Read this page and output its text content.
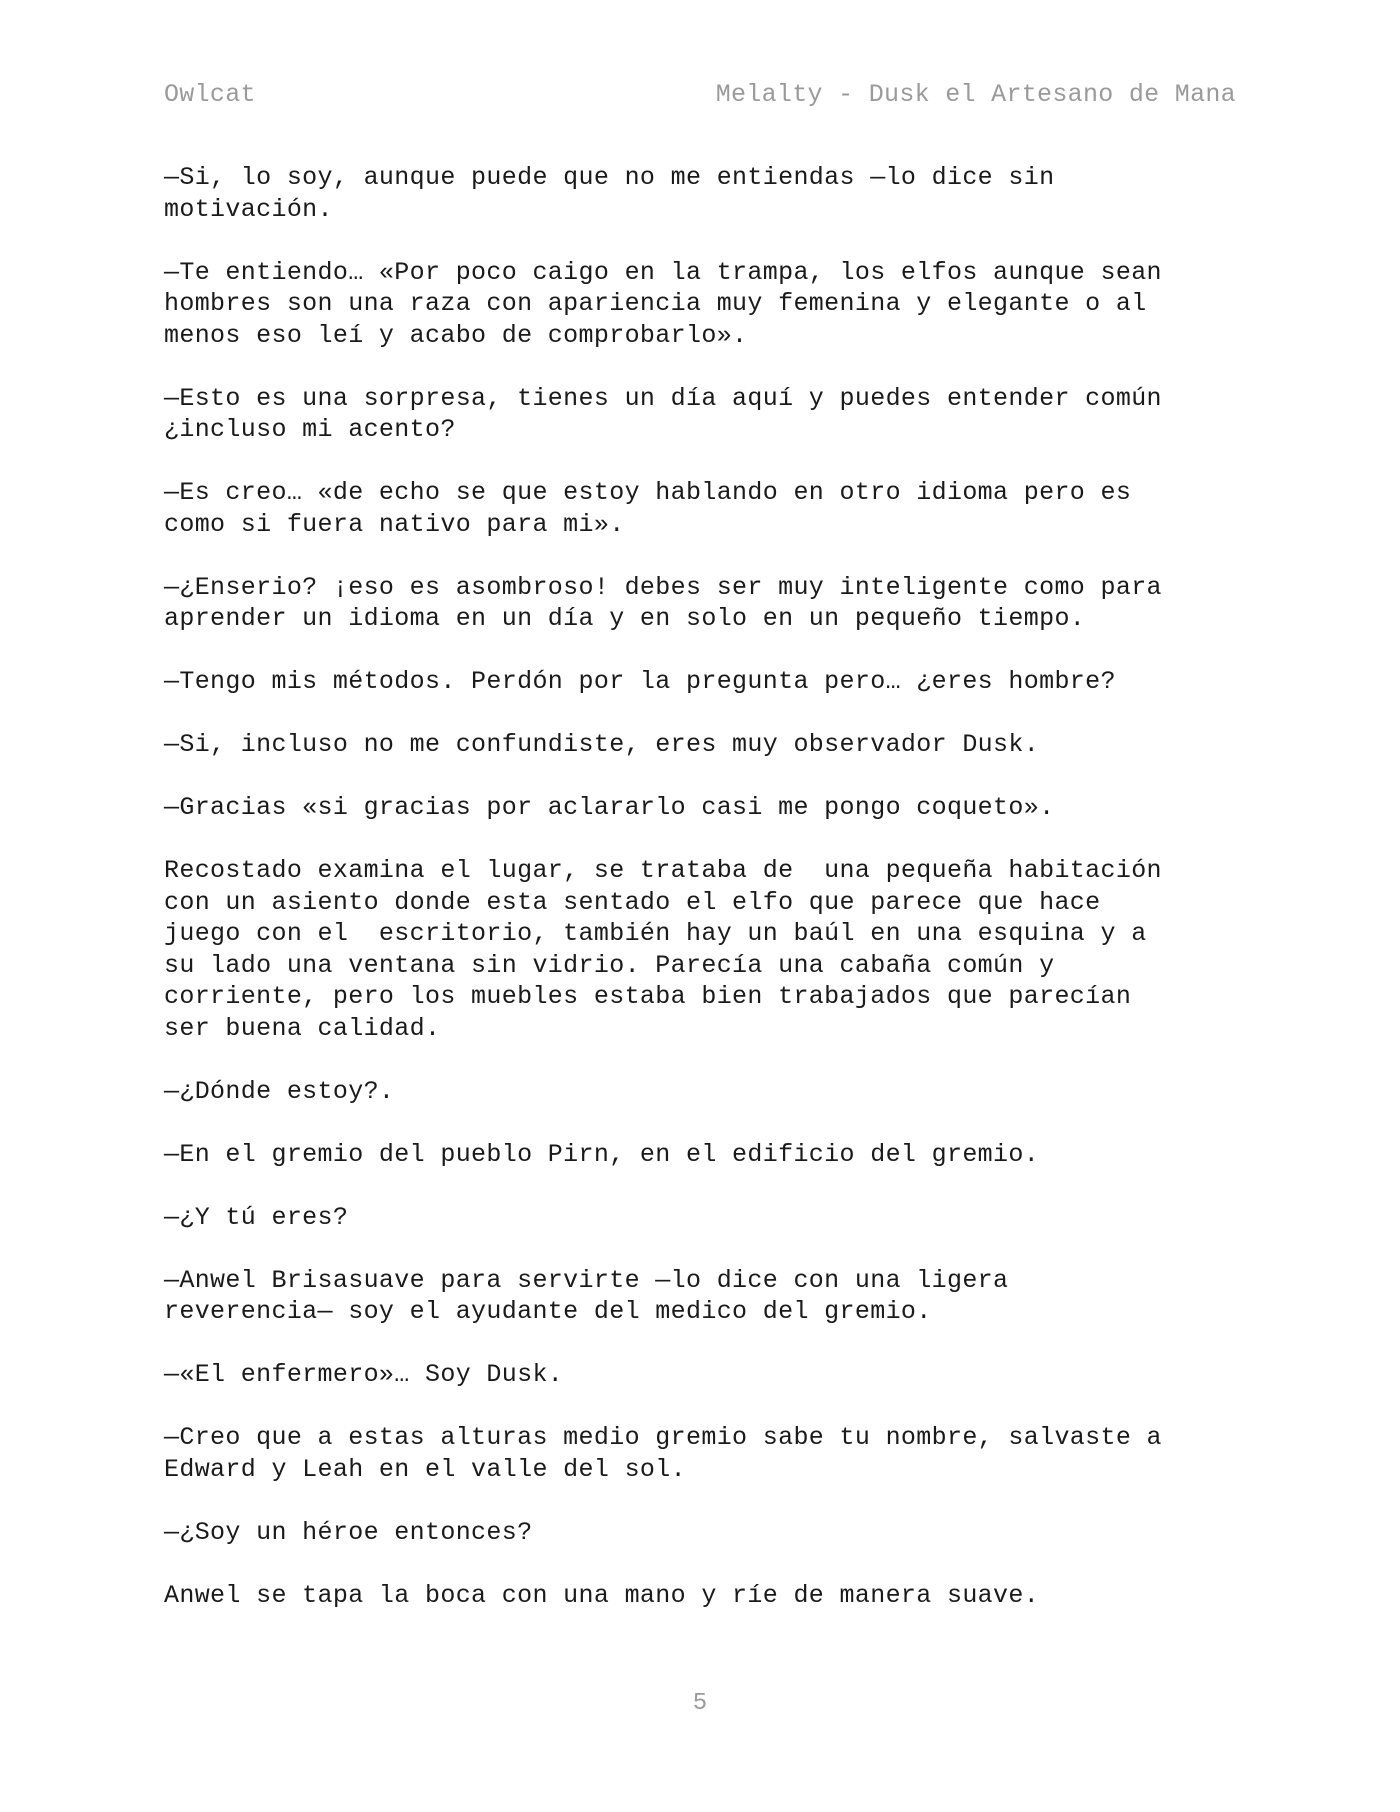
Owlcat	Melalty - Dusk el Artesano de Mana

—Si, lo soy, aunque puede que no me entiendas —lo dice sin
motivación.

—Te entiendo… «Por poco caigo en la trampa, los elfos aunque sean
hombres son una raza con apariencia muy femenina y elegante o al
menos eso leí y acabo de comprobarlo».

—Esto es una sorpresa, tienes un día aquí y puedes entender común
¿incluso mi acento?

—Es creo… «de echo se que estoy hablando en otro idioma pero es
como si fuera nativo para mi».

—¿Enserio? ¡eso es asombroso! debes ser muy inteligente como para
aprender un idioma en un día y en solo en un pequeño tiempo.

—Tengo mis métodos. Perdón por la pregunta pero… ¿eres hombre?

—Si, incluso no me confundiste, eres muy observador Dusk.

—Gracias «si gracias por aclararlo casi me pongo coqueto».

Recostado examina el lugar, se trataba de  una pequeña habitación
con un asiento donde esta sentado el elfo que parece que hace
juego con el  escritorio, también hay un baúl en una esquina y a
su lado una ventana sin vidrio. Parecía una cabaña común y
corriente, pero los muebles estaba bien trabajados que parecían
ser buena calidad.

—¿Dónde estoy?.

—En el gremio del pueblo Pirn, en el edificio del gremio.

—¿Y tú eres?

—Anwel Brisasuave para servirte —lo dice con una ligera
reverencia— soy el ayudante del medico del gremio.

—«El enfermero»… Soy Dusk.

—Creo que a estas alturas medio gremio sabe tu nombre, salvaste a
Edward y Leah en el valle del sol.

—¿Soy un héroe entonces?

Anwel se tapa la boca con una mano y ríe de manera suave.

5
